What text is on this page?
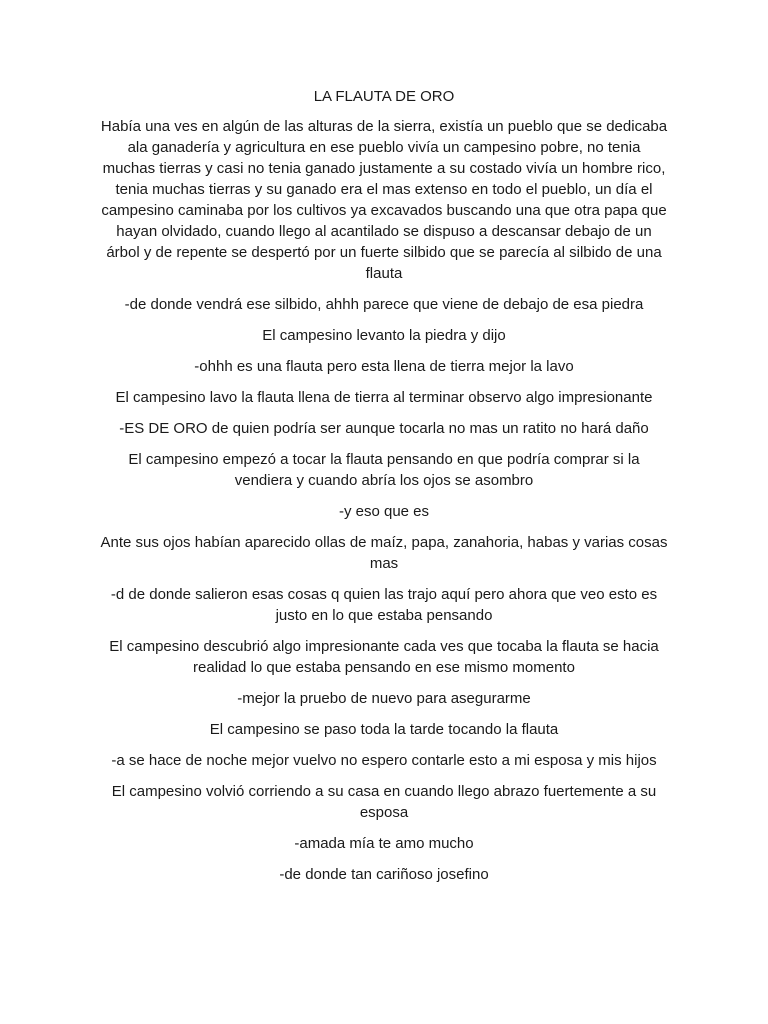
LA FLAUTA DE ORO

Había una ves en algún de las alturas de la sierra, existía un pueblo que se dedicaba ala ganadería y agricultura en ese pueblo vivía un campesino pobre, no tenia muchas tierras y casi no tenia ganado justamente a su costado vivía un hombre rico, tenia muchas tierras y su ganado era el mas extenso en todo el pueblo, un día el campesino caminaba por los cultivos ya excavados buscando una que otra papa que hayan olvidado, cuando llego al acantilado se dispuso a descansar debajo de un árbol y de repente se despertó por un fuerte silbido que se parecía al silbido de una flauta

-de donde vendrá ese silbido, ahhh parece que viene de debajo de esa piedra

El campesino levanto la piedra y dijo

-ohhh es una flauta pero esta llena de tierra mejor la lavo

El campesino lavo la flauta llena de tierra al terminar observo algo impresionante

-ES DE ORO de quien podría ser aunque tocarla no mas un ratito no hará daño

El campesino empezó a tocar la flauta pensando en que podría comprar si la vendiera y cuando abría los ojos se asombro

-y eso que es

Ante sus ojos habían aparecido ollas de maíz, papa, zanahoria, habas y varias cosas mas

-d de donde salieron esas cosas q quien las trajo aquí pero ahora que veo esto es justo en lo que estaba pensando

El campesino descubrió algo impresionante cada ves que tocaba la flauta se hacia realidad lo que estaba pensando en ese mismo momento

-mejor la pruebo de nuevo para asegurarme

El campesino se paso toda la tarde tocando la flauta

-a se hace de noche mejor vuelvo no espero contarle esto a mi esposa y mis hijos

El campesino volvió corriendo a su casa en cuando llego abrazo fuertemente a su esposa

-amada mía te amo mucho

-de donde tan cariñoso josefino
